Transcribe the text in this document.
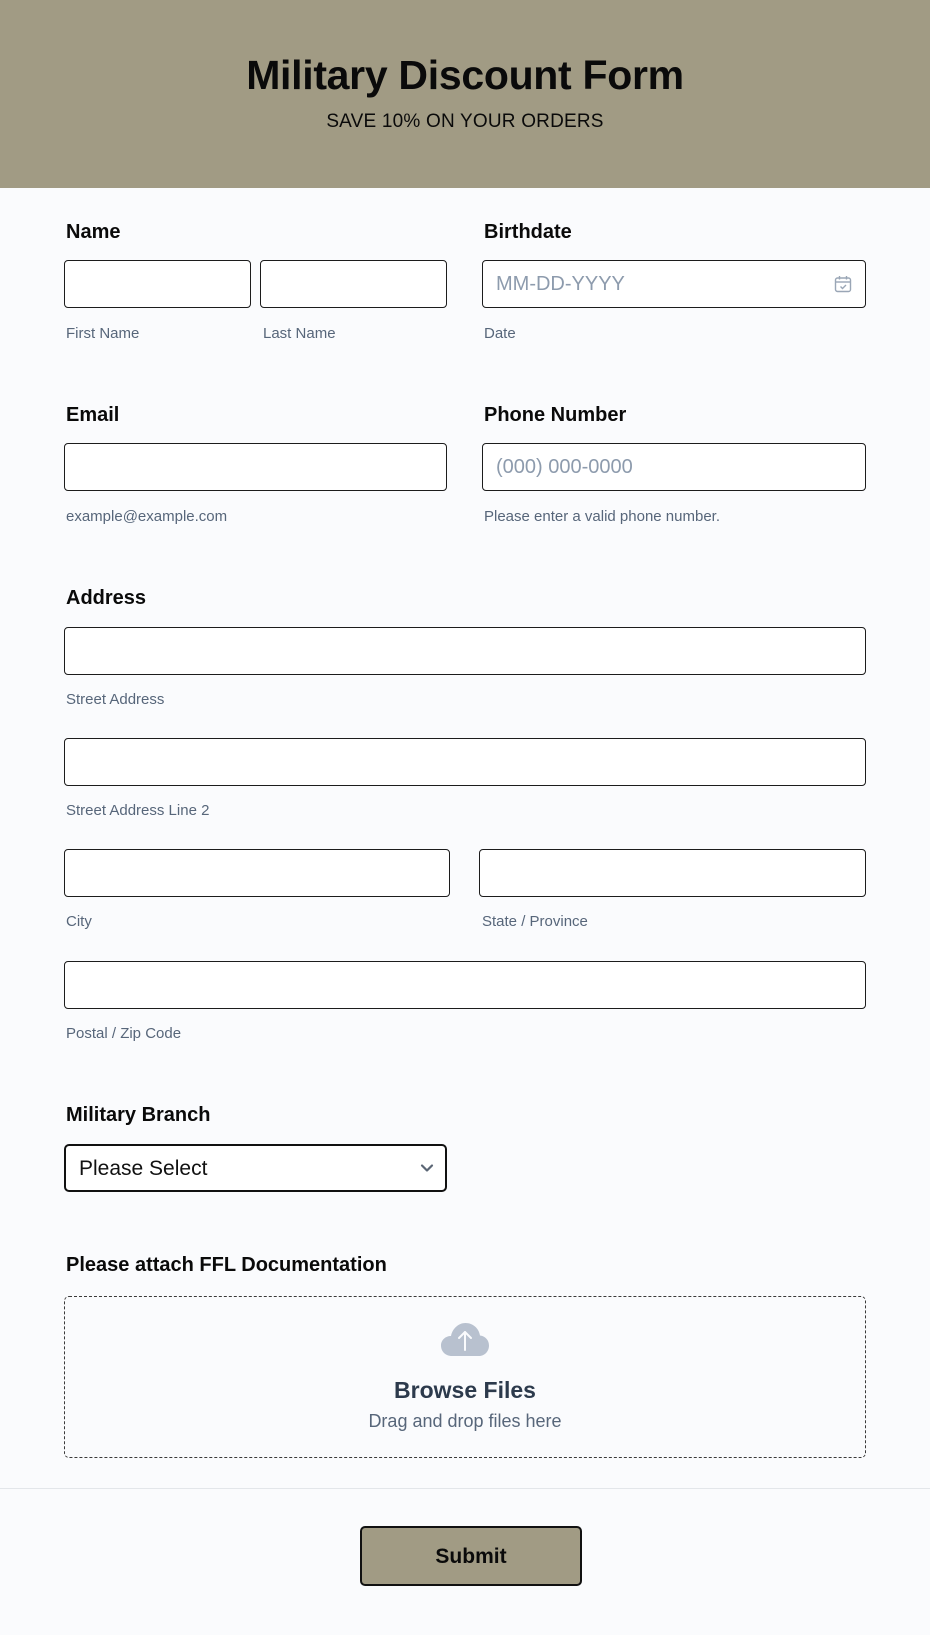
Military Discount Form
SAVE 10% ON YOUR ORDERS
Name
First Name	Last Name
Birthdate
MM-DD-YYYY
Date
Email
example@example.com
Phone Number
(000) 000-0000
Please enter a valid phone number.
Address
Street Address
Street Address Line 2
City	State / Province
Postal / Zip Code
Military Branch
Please Select
Please attach FFL Documentation
Browse Files
Drag and drop files here
Submit
